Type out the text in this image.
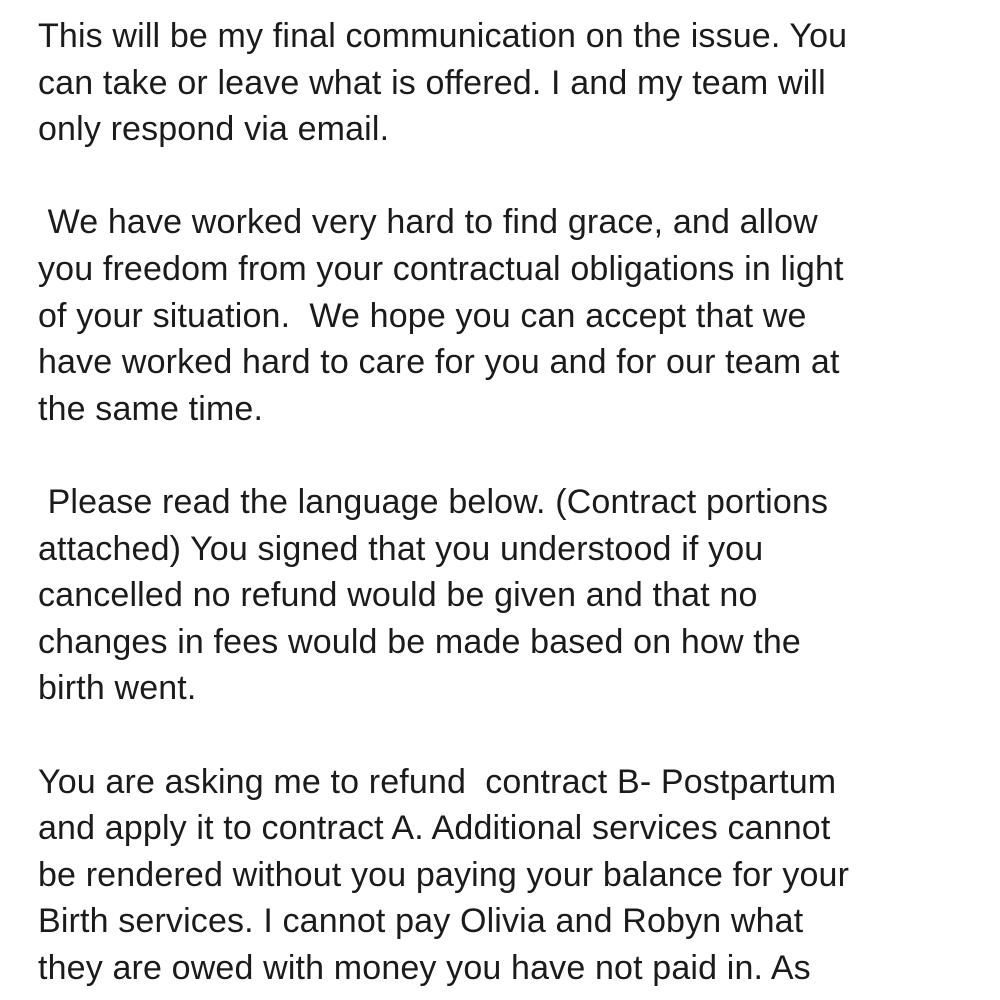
This will be my final communication on the issue. You
can take or leave what is offered. I and my team will
only respond via email.
We have worked very hard to find grace, and allow
you freedom from your contractual obligations in light
of your situation.  We hope you can accept that we
have worked hard to care for you and for our team at
the same time.
Please read the language below. (Contract portions
attached) You signed that you understood if you
cancelled no refund would be given and that no
changes in fees would be made based on how the
birth went.
You are asking me to refund  contract B- Postpartum
and apply it to contract A. Additional services cannot
be rendered without you paying your balance for your
Birth services. I cannot pay Olivia and Robyn what
they are owed with money you have not paid in. As
